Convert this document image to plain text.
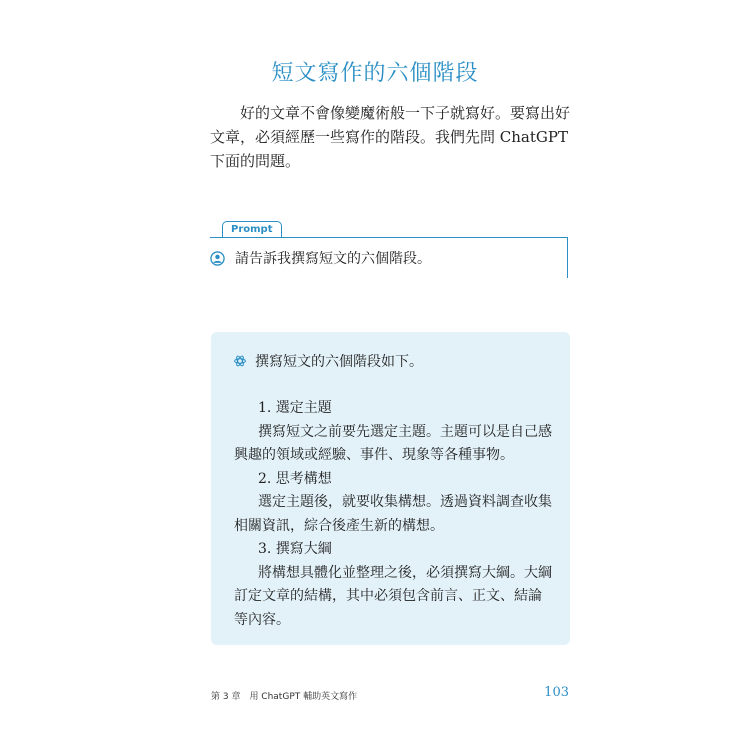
短文寫作的六個階段

好的文章不會像變魔術般一下子就寫好。要寫出好文章，必須經歷一些寫作的階段。我們先問 ChatGPT 下面的問題。

Prompt
請告訴我撰寫短文的六個階段。
撰寫短文的六個階段如下。

1. 選定主題

撰寫短文之前要先選定主題。主題可以是自己感興趣的領域或經驗、事件、現象等各種事物。

2. 思考構想

選定主題後，就要收集構想。透過資料調查收集相關資訊，綜合後產生新的構想。

3. 撰寫大綱

將構想具體化並整理之後，必須撰寫大綱。大綱訂定文章的結構，其中必須包含前言、正文、結論等內容。

第 3 章　用 ChatGPT 輔助英文寫作	103
